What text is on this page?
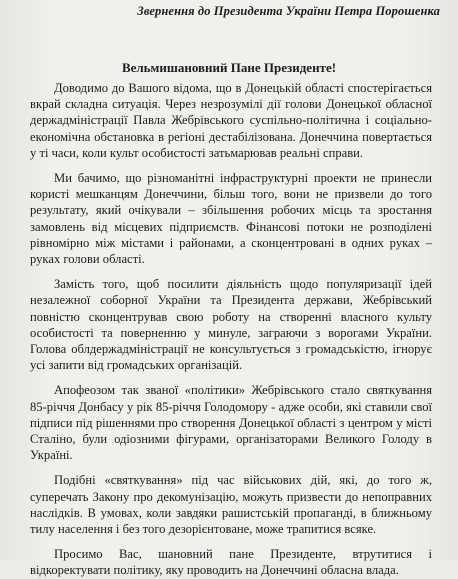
Звернення до Президента України Петра Порошенка
Вельмишановний Пане Президенте!

Доводимо до Вашого відома, що в Донецькій області спостерігається вкрай складна ситуація. Через незрозумілі дії голови Донецької обласної держадміністрації Павла Жебрівського суспільно-політична і соціально-економічна обстановка в регіоні дестабілізована. Донеччина повертається у ті часи, коли культ особистості затьмарював реальні справи.

Ми бачимо, що різноманітні інфраструктурні проекти не принесли користі мешканцям Донеччини, більш того, вони не призвели до того результату, який очікували – збільшення робочих місць та зростання замовлень від місцевих підприємств. Фінансові потоки не розподілені рівномірно між містами і районами, а сконцентровані в одних руках – руках голови області.

Замість того, щоб посилити діяльність щодо популяризації ідей незалежної соборної України та Президента держави, Жебрівський повністю сконцентрував свою роботу на створенні власного культу особистості та поверненню у минуле, заграючи з ворогами України. Голова облдержадміністрації не консультується з громадськістю, ігнорує усі запити від громадських організацій.

Апофеозом так званої «політики» Жебрівського стало святкування 85-річчя Донбасу у рік 85-річчя Голодомору - адже особи, які ставили свої підписи під рішеннями про створення Донецької області з центром у місті Сталіно, були одіозними фігурами, організаторами Великого Голоду в Україні.

Подібні «святкування» під час військових дій, які, до того ж, суперечать Закону про декомунізацію, можуть призвести до непоправних наслідків. В умовах, коли завдяки рашистській пропаганді, в ближньому тилу населення і без того дезорієнтоване, може трапитися всяке.

Просимо Вас, шановний пане Президенте, втрутитися і відкоректувати політику, яку проводить на Донеччині обласна влада.
